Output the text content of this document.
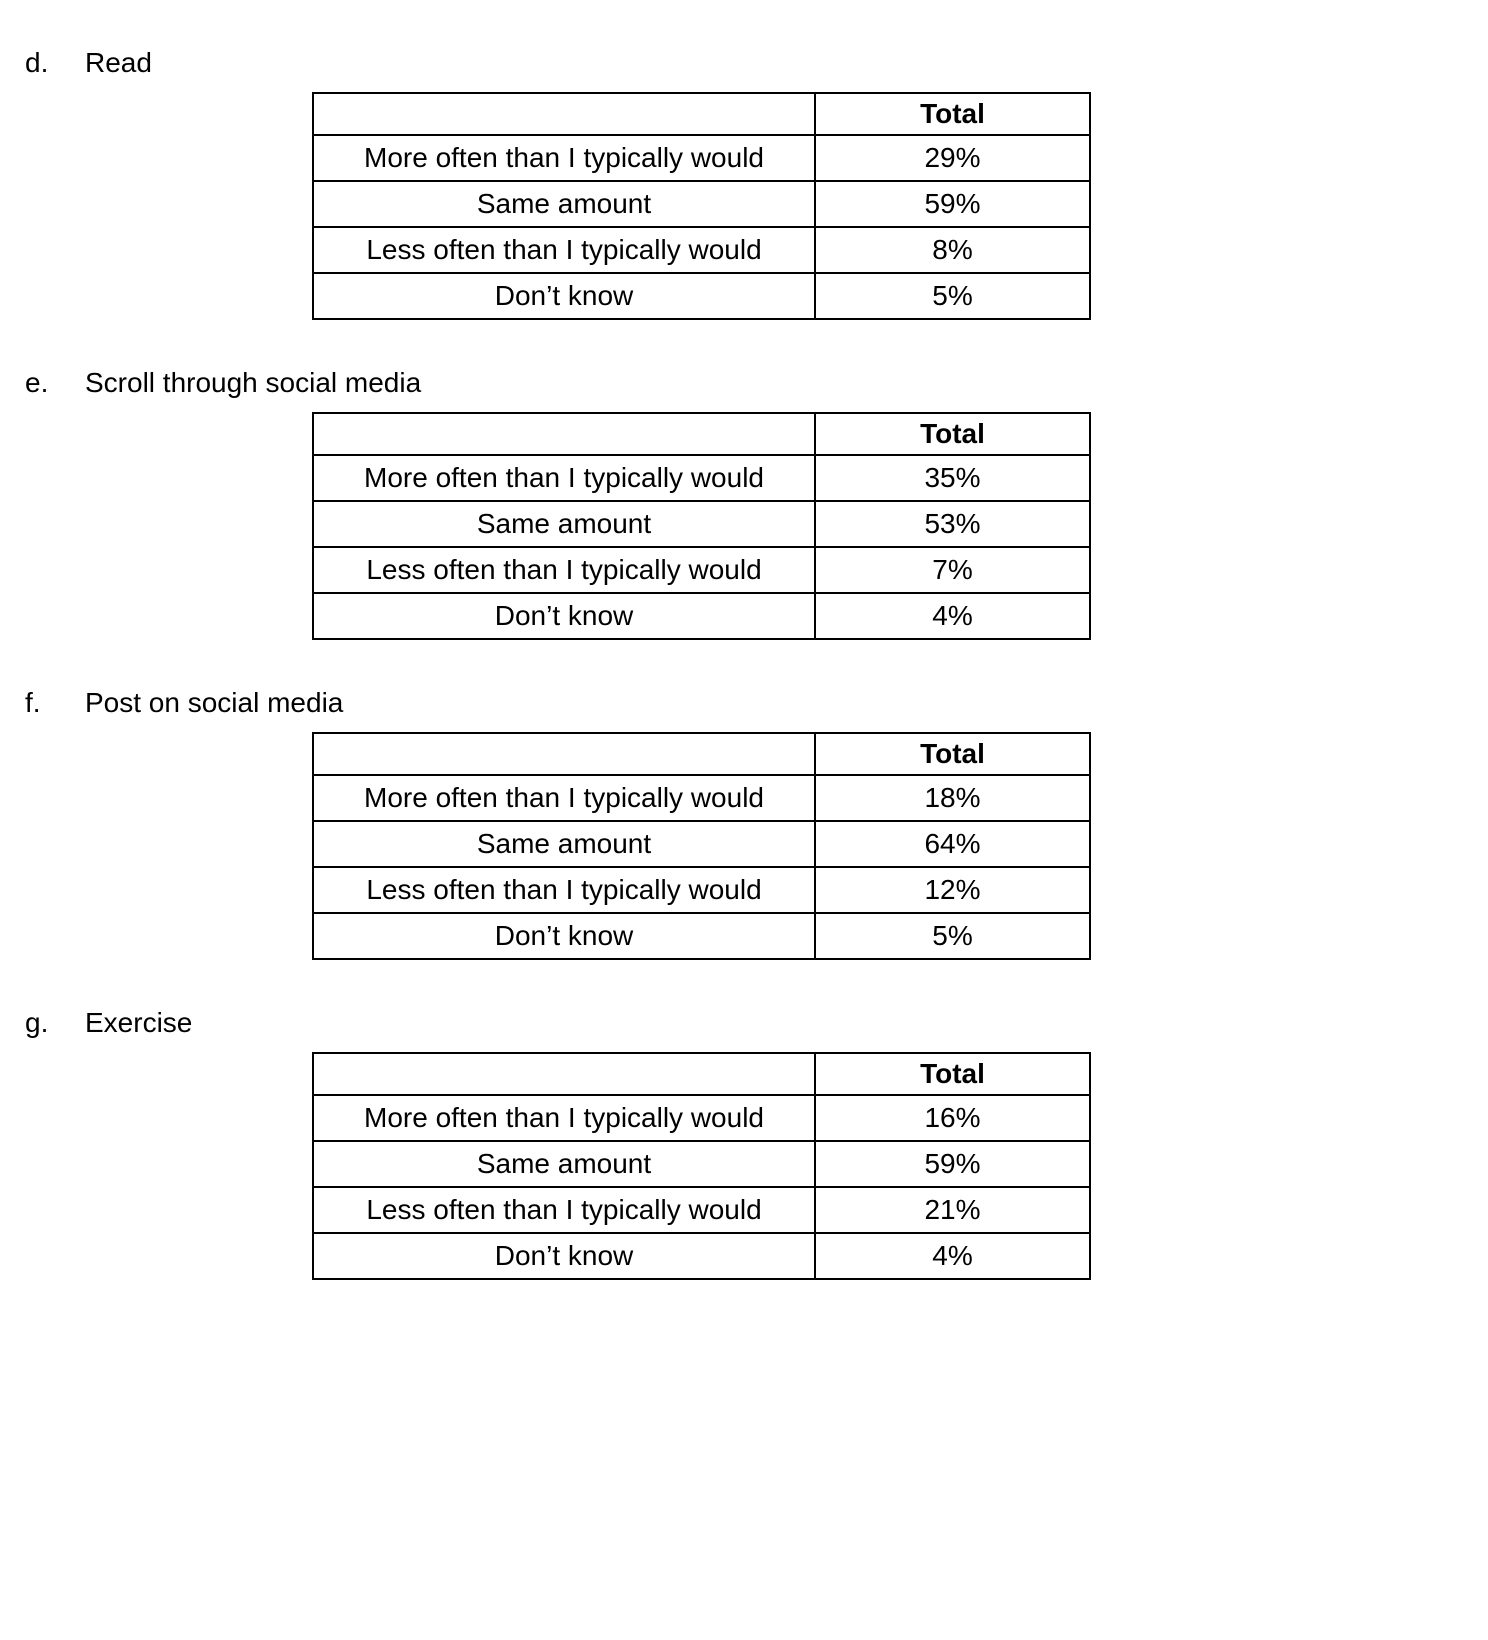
d.	Read
	Total
More often than I typically would	29%
Same amount	59%
Less often than I typically would	8%
Don’t know	5%
e.	Scroll through social media
	Total
More often than I typically would	35%
Same amount	53%
Less often than I typically would	7%
Don’t know	4%
f.	Post on social media
	Total
More often than I typically would	18%
Same amount	64%
Less often than I typically would	12%
Don’t know	5%
g.	Exercise
	Total
More often than I typically would	16%
Same amount	59%
Less often than I typically would	21%
Don’t know	4%
